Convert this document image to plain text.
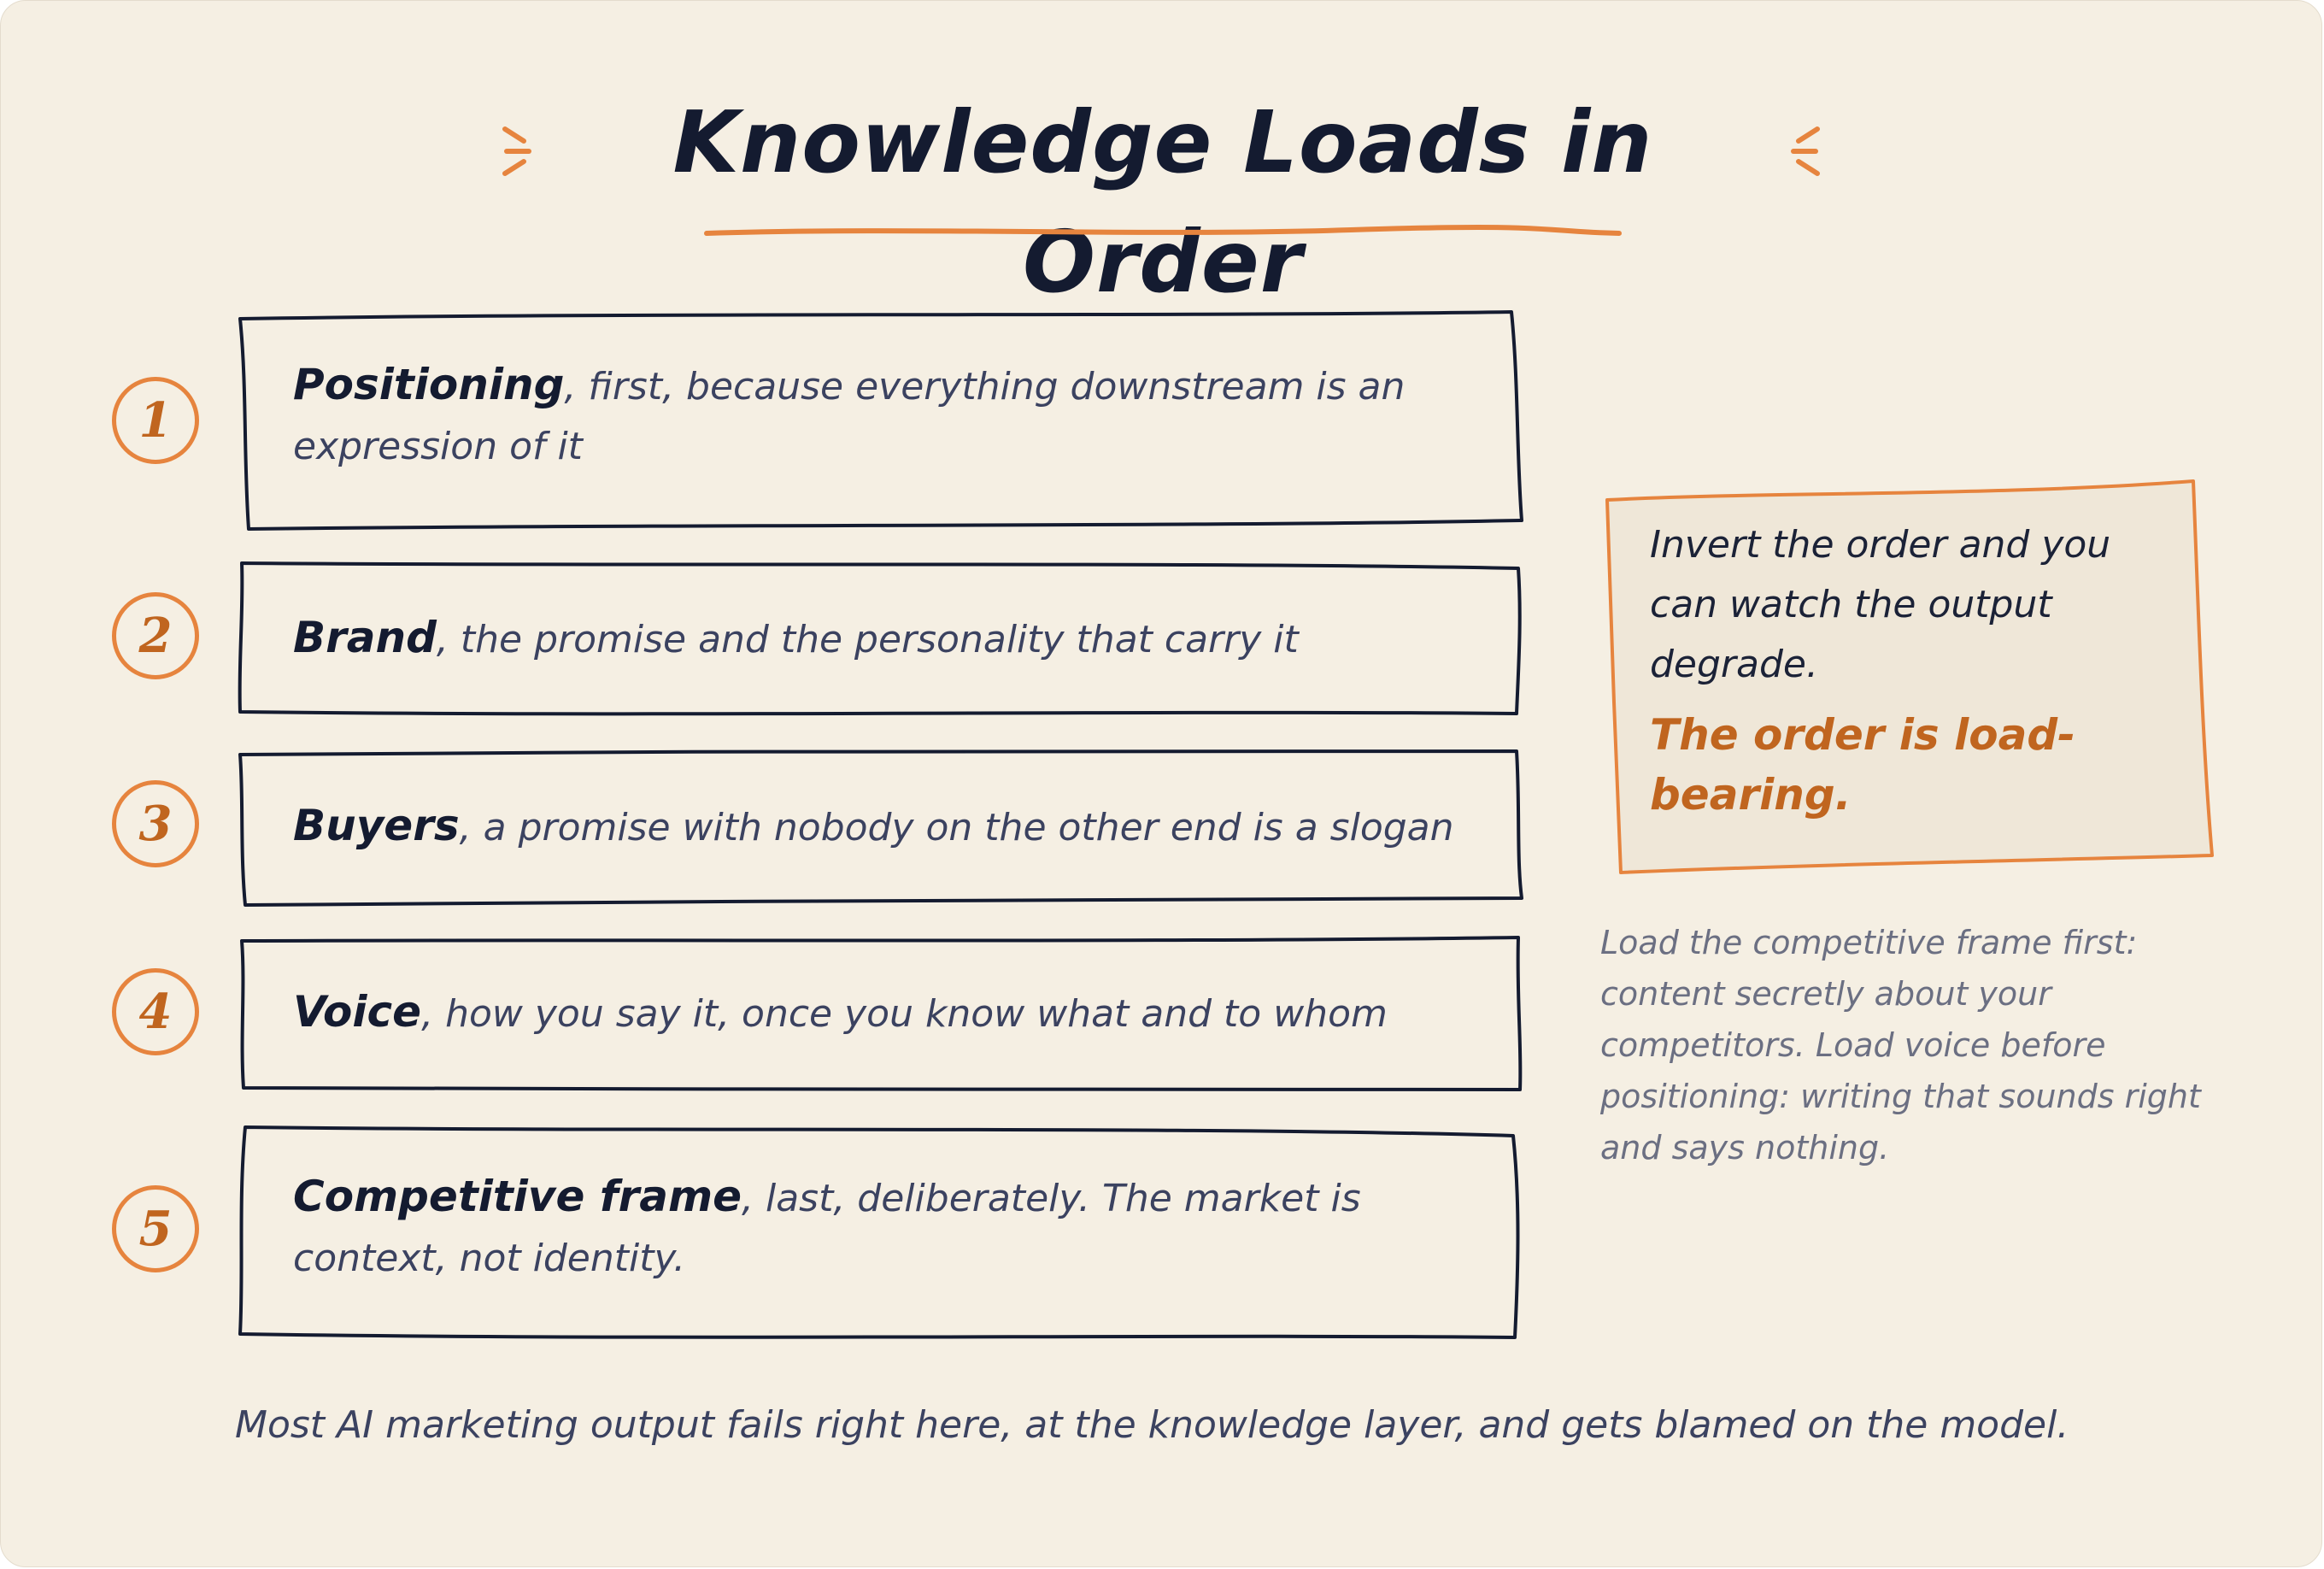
Knowledge Loads in Order
1
Positioning, first, because everything downstream is an expression of it
2	Brand, the promise and the personality that carry it
3	Buyers, a promise with nobody on the other end is a slogan
4	Voice, how you say it, once you know what and to whom
5
Competitive frame, last, deliberately. The market is context, not identity.
Invert the order and you can watch the output degrade.
The order is load-bearing.
Load the competitive frame first: content secretly about your competitors. Load voice before positioning: writing that sounds right and says nothing.
Most AI marketing output fails right here, at the knowledge layer, and gets blamed on the model.
